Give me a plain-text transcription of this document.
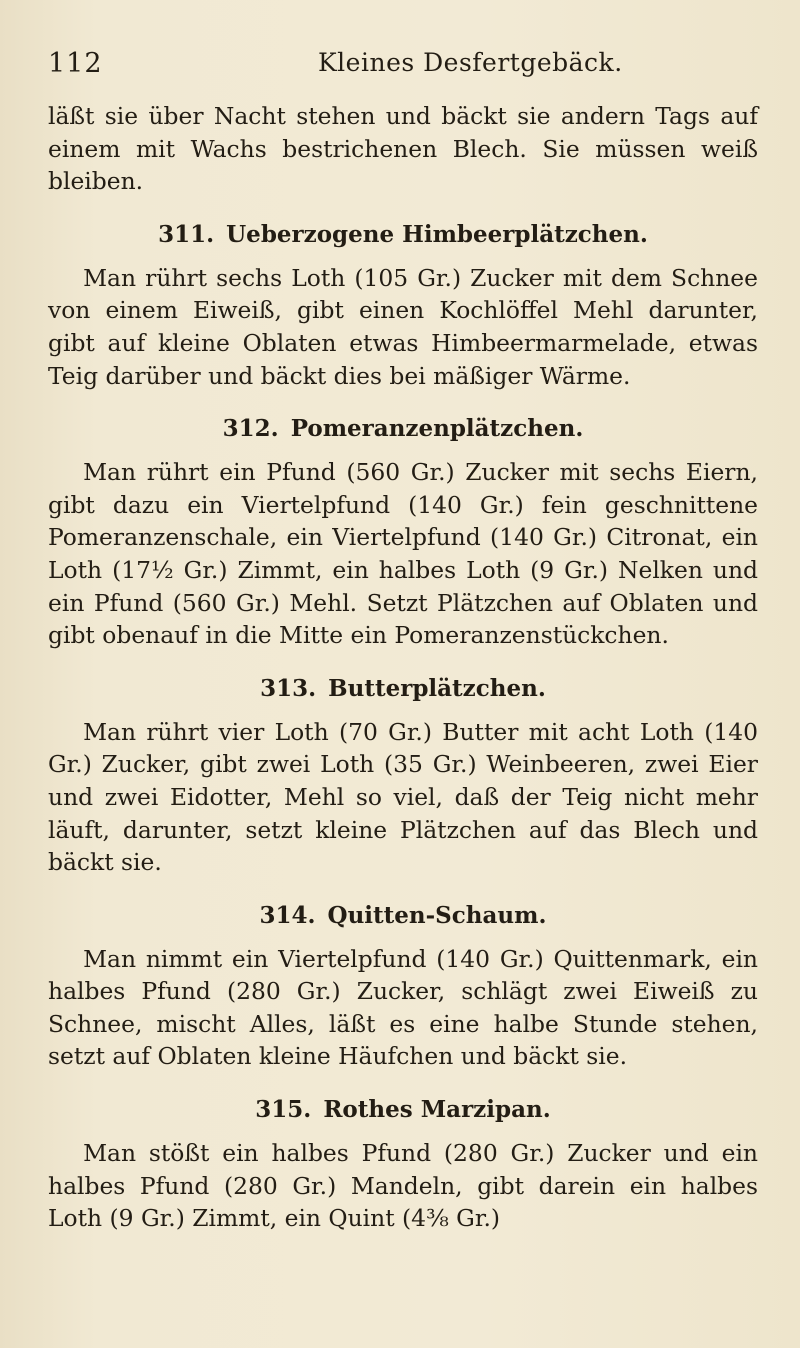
112	Kleines Desfertgebäck.

läßt sie über Nacht stehen und bäckt sie andern Tags auf einem mit Wachs bestrichenen Blech. Sie müssen weiß bleiben.

311. Ueberzogene Himbeerplätzchen.

Man rührt sechs Loth (105 Gr.) Zucker mit dem Schnee von einem Eiweiß, gibt einen Kochlöffel Mehl darunter, gibt auf kleine Oblaten etwas Himbeermarmelade, etwas Teig darüber und bäckt dies bei mäßiger Wärme.

312. Pomeranzenplätzchen.

Man rührt ein Pfund (560 Gr.) Zucker mit sechs Eiern, gibt dazu ein Viertelpfund (140 Gr.) fein geschnittene Pomeranzenschale, ein Viertelpfund (140 Gr.) Citronat, ein Loth (17½ Gr.) Zimmt, ein halbes Loth (9 Gr.) Nelken und ein Pfund (560 Gr.) Mehl. Setzt Plätzchen auf Oblaten und gibt obenauf in die Mitte ein Pomeranzenstückchen.

313. Butterplätzchen.

Man rührt vier Loth (70 Gr.) Butter mit acht Loth (140 Gr.) Zucker, gibt zwei Loth (35 Gr.) Weinbeeren, zwei Eier und zwei Eidotter, Mehl so viel, daß der Teig nicht mehr läuft, darunter, setzt kleine Plätzchen auf das Blech und bäckt sie.

314. Quitten-Schaum.

Man nimmt ein Viertelpfund (140 Gr.) Quittenmark, ein halbes Pfund (280 Gr.) Zucker, schlägt zwei Eiweiß zu Schnee, mischt Alles, läßt es eine halbe Stunde stehen, setzt auf Oblaten kleine Häufchen und bäckt sie.

315. Rothes Marzipan.

Man stößt ein halbes Pfund (280 Gr.) Zucker und ein halbes Pfund (280 Gr.) Mandeln, gibt darein ein halbes Loth (9 Gr.) Zimmt, ein Quint (4⅜ Gr.)
